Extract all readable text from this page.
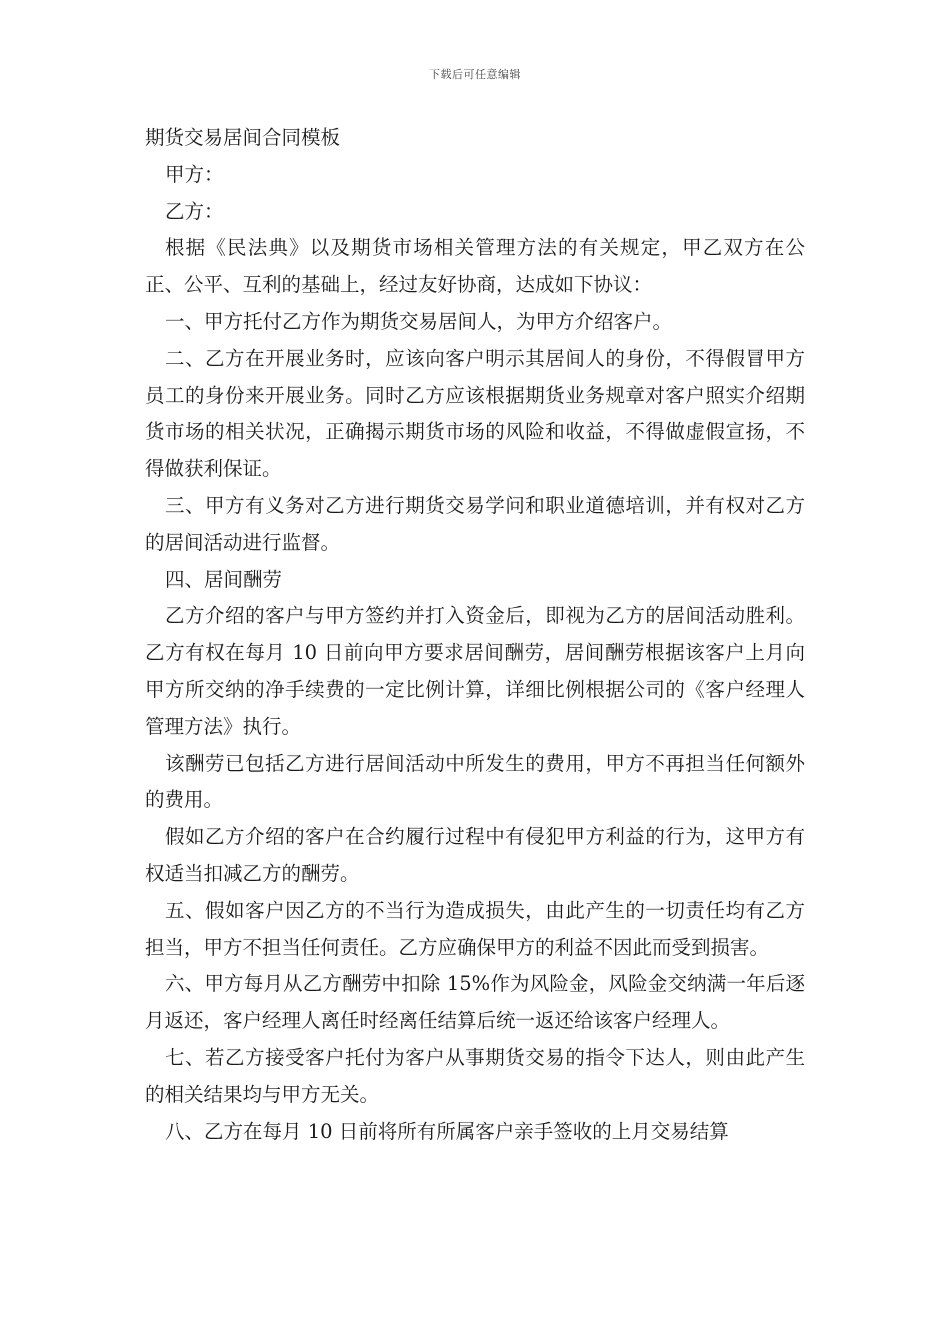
下载后可任意编辑

期货交易居间合同模板

甲方：

乙方：

根据《民法典》以及期货市场相关管理方法的有关规定，甲乙双方在公正、公平、互利的基础上，经过友好协商，达成如下协议：

一、甲方托付乙方作为期货交易居间人，为甲方介绍客户。

二、乙方在开展业务时，应该向客户明示其居间人的身份，不得假冒甲方员工的身份来开展业务。同时乙方应该根据期货业务规章对客户照实介绍期货市场的相关状况，正确揭示期货市场的风险和收益，不得做虚假宣扬，不得做获利保证。

三、甲方有义务对乙方进行期货交易学问和职业道德培训，并有权对乙方的居间活动进行监督。

四、居间酬劳

乙方介绍的客户与甲方签约并打入资金后，即视为乙方的居间活动胜利。乙方有权在每月 10 日前向甲方要求居间酬劳，居间酬劳根据该客户上月向甲方所交纳的净手续费的一定比例计算，详细比例根据公司的《客户经理人管理方法》执行。

该酬劳已包括乙方进行居间活动中所发生的费用，甲方不再担当任何额外的费用。

假如乙方介绍的客户在合约履行过程中有侵犯甲方利益的行为，这甲方有权适当扣减乙方的酬劳。

五、假如客户因乙方的不当行为造成损失，由此产生的一切责任均有乙方担当，甲方不担当任何责任。乙方应确保甲方的利益不因此而受到损害。

六、甲方每月从乙方酬劳中扣除 15%作为风险金，风险金交纳满一年后逐月返还，客户经理人离任时经离任结算后统一返还给该客户经理人。

七、若乙方接受客户托付为客户从事期货交易的指令下达人，则由此产生的相关结果均与甲方无关。

八、乙方在每月 10 日前将所有所属客户亲手签收的上月交易结算
